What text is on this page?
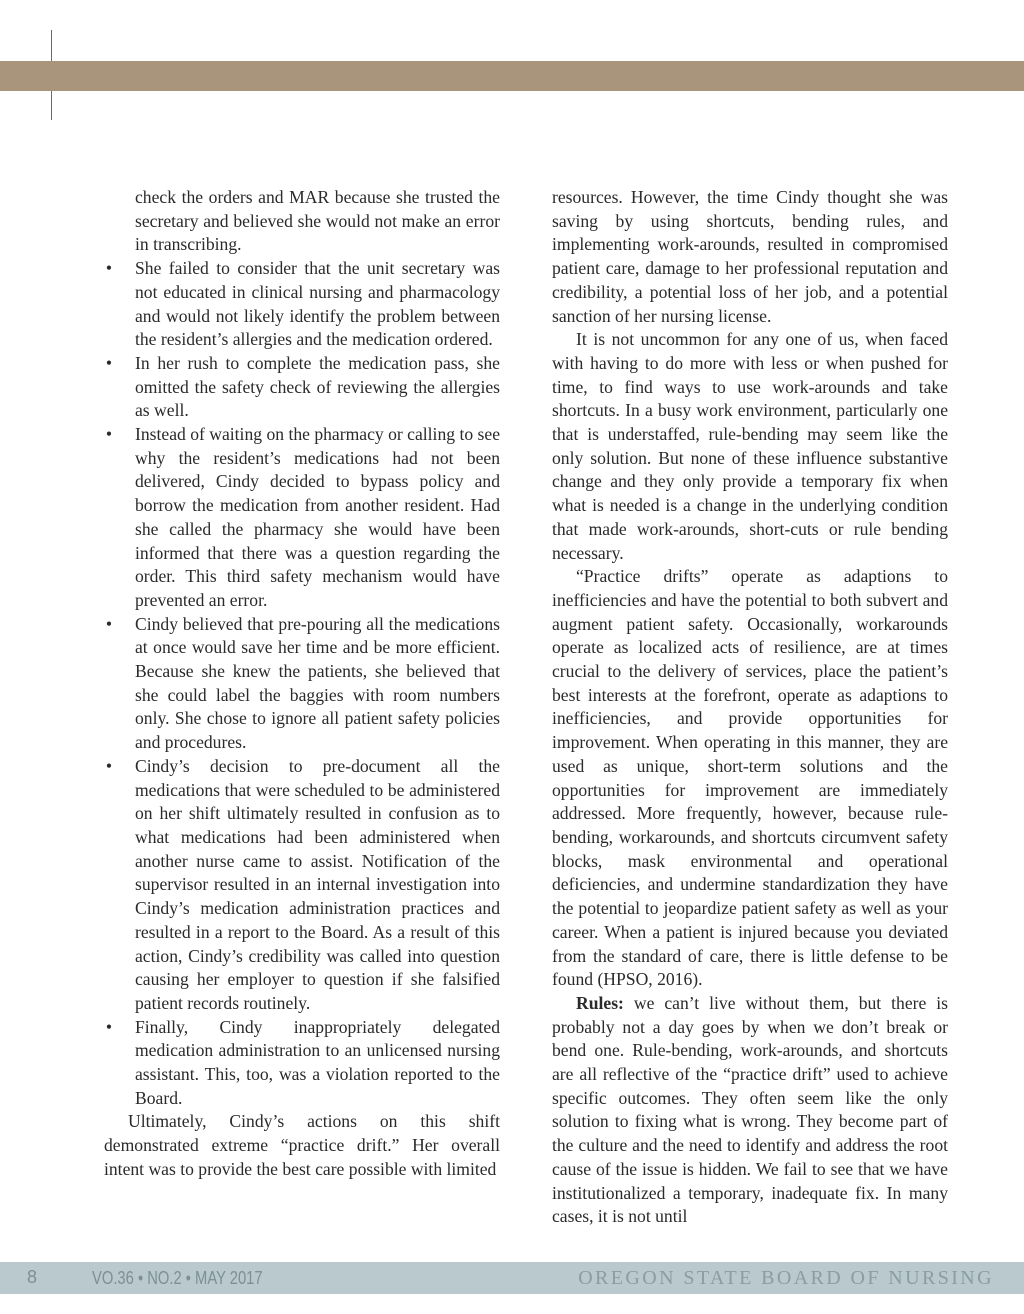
check the orders and MAR because she trusted the secretary and believed she would not make an error in transcribing.

• She failed to consider that the unit secretary was not educated in clinical nursing and pharmacology and would not likely identify the problem between the resident’s allergies and the medication ordered.

• In her rush to complete the medication pass, she omitted the safety check of reviewing the allergies as well.

• Instead of waiting on the pharmacy or calling to see why the resident’s medications had not been delivered, Cindy decided to bypass policy and borrow the medication from another resident. Had she called the pharmacy she would have been informed that there was a question regarding the order. This third safety mechanism would have prevented an error.

• Cindy believed that pre-pouring all the medications at once would save her time and be more efficient. Because she knew the patients, she believed that she could label the baggies with room numbers only. She chose to ignore all patient safety policies and procedures.

• Cindy’s decision to pre-document all the medications that were scheduled to be administered on her shift ultimately resulted in confusion as to what medications had been administered when another nurse came to assist. Notification of the supervisor resulted in an internal investigation into Cindy’s medication administration practices and resulted in a report to the Board. As a result of this action, Cindy’s credibility was called into question causing her employer to question if she falsified patient records routinely.

• Finally, Cindy inappropriately delegated medication administration to an unlicensed nursing assistant. This, too, was a violation reported to the Board.

Ultimately, Cindy’s actions on this shift demonstrated extreme “practice drift.” Her overall intent was to provide the best care possible with limited

resources. However, the time Cindy thought she was saving by using shortcuts, bending rules, and implementing work-arounds, resulted in compromised patient care, damage to her professional reputation and credibility, a potential loss of her job, and a potential sanction of her nursing license.

It is not uncommon for any one of us, when faced with having to do more with less or when pushed for time, to find ways to use work-arounds and take shortcuts. In a busy work environment, particularly one that is understaffed, rule-bending may seem like the only solution. But none of these influence substantive change and they only provide a temporary fix when what is needed is a change in the underlying condition that made work-arounds, short-cuts or rule bending necessary.

“Practice drifts” operate as adaptions to inefficiencies and have the potential to both subvert and augment patient safety. Occasionally, workarounds operate as localized acts of resilience, are at times crucial to the delivery of services, place the patient’s best interests at the forefront, operate as adaptions to inefficiencies, and provide opportunities for improvement. When operating in this manner, they are used as unique, short-term solutions and the opportunities for improvement are immediately addressed. More frequently, however, because rule-bending, workarounds, and shortcuts circumvent safety blocks, mask environmental and operational deficiencies, and undermine standardization they have the potential to jeopardize patient safety as well as your career. When a patient is injured because you deviated from the standard of care, there is little defense to be found (HPSO, 2016).

Rules: we can’t live without them, but there is probably not a day goes by when we don’t break or bend one. Rule-bending, work-arounds, and shortcuts are all reflective of the “practice drift” used to achieve specific outcomes. They often seem like the only solution to fixing what is wrong. They become part of the culture and the need to identify and address the root cause of the issue is hidden. We fail to see that we have institutionalized a temporary, inadequate fix. In many cases, it is not until

8	VO.36 • NO.2 • MAY 2017	OREGON STATE BOARD OF NURSING
